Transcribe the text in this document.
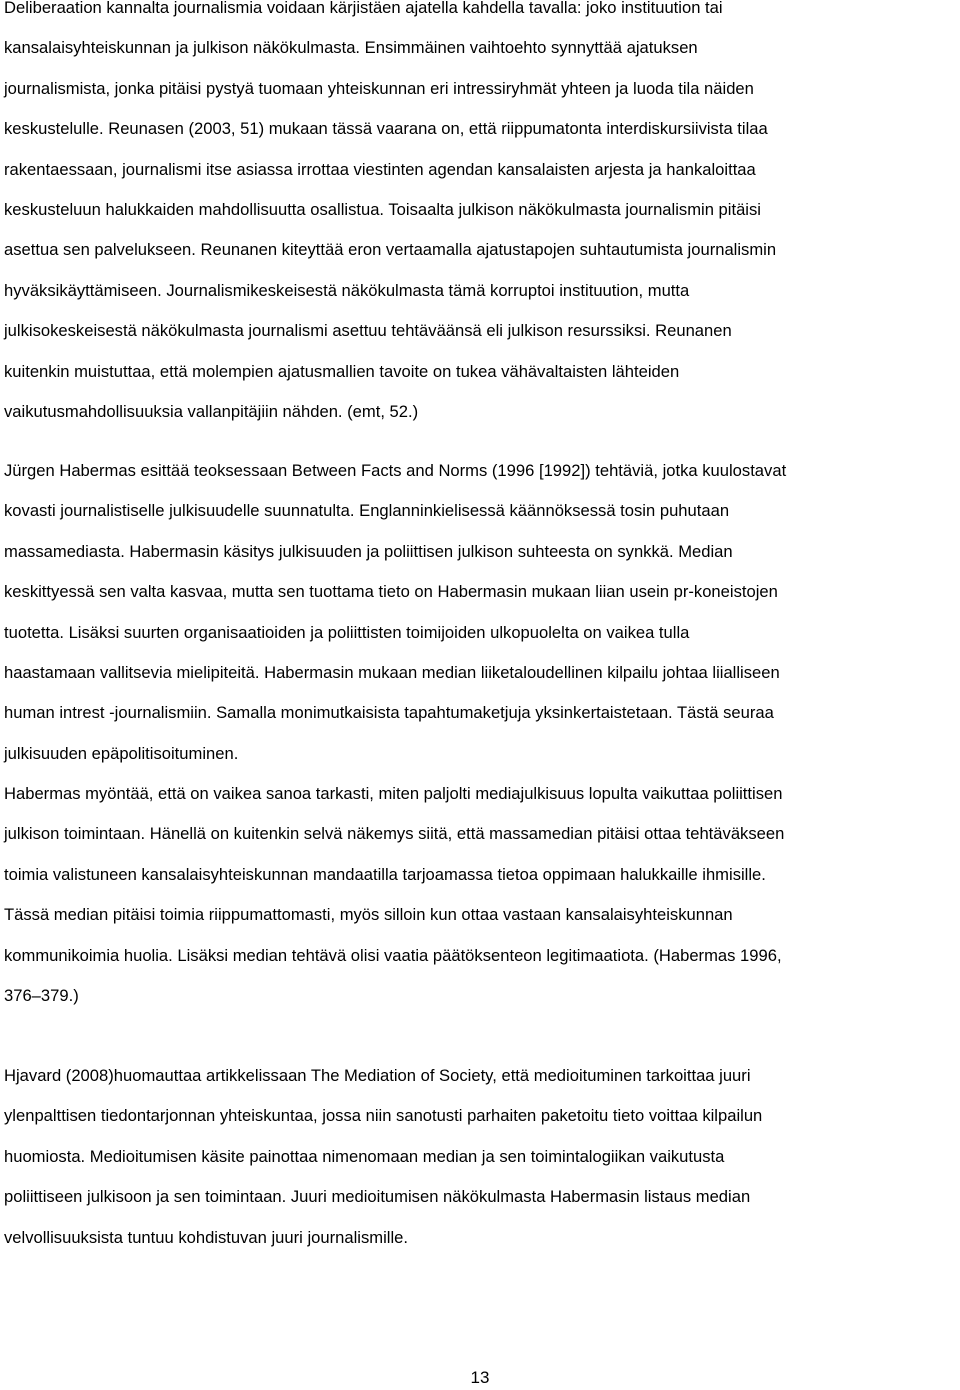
Deliberaation kannalta journalismia voidaan kärjistäen ajatella kahdella tavalla: joko instituution tai
kansalaisyhteiskunnan ja julkison näkökulmasta. Ensimmäinen vaihtoehto synnyttää ajatuksen
journalismista, jonka pitäisi pystyä tuomaan yhteiskunnan eri intressiryhmät yhteen ja luoda tila näiden
keskustelulle. Reunasen (2003, 51) mukaan tässä vaarana on, että riippumatonta interdiskursiivista tilaa
rakentaessaan, journalismi itse asiassa irrottaa viestinten agendan kansalaisten arjesta ja hankaloittaa
keskusteluun halukkaiden mahdollisuutta osallistua. Toisaalta julkison näkökulmasta journalismin pitäisi
asettua sen palvelukseen. Reunanen kiteyttää eron vertaamalla ajatustapojen suhtautumista journalismin
hyväksikäyttämiseen. Journalismikeskeisestä näkökulmasta tämä korruptoi instituution, mutta
julkisokeskeisestä näkökulmasta journalismi asettuu tehtäväänsä eli julkison resurssiksi. Reunanen
kuitenkin muistuttaa, että molempien ajatusmallien tavoite on tukea vähävaltaisten lähteiden
vaikutusmahdollisuuksia vallanpitäjiin nähden. (emt, 52.)
Jürgen Habermas esittää teoksessaan Between Facts and Norms (1996 [1992]) tehtäviä, jotka kuulostavat
kovasti journalistiselle julkisuudelle suunnatulta. Englanninkielisessä käännöksessä tosin puhutaan
massamediasta. Habermasin käsitys julkisuuden ja poliittisen julkison suhteesta on synkkä. Median
keskittyessä sen valta kasvaa, mutta sen tuottama tieto on Habermasin mukaan liian usein pr-koneistojen
tuotetta. Lisäksi suurten organisaatioiden ja poliittisten toimijoiden ulkopuolelta on vaikea tulla
haastamaan vallitsevia mielipiteitä. Habermasin mukaan median liiketaloudellinen kilpailu johtaa liialliseen
human intrest -journalismiin. Samalla monimutkaisista tapahtumaketjuja yksinkertaistetaan. Tästä seuraa
julkisuuden epäpolitisoituminen.
Habermas myöntää, että on vaikea sanoa tarkasti, miten paljolti mediajulkisuus lopulta vaikuttaa poliittisen
julkison toimintaan. Hänellä on kuitenkin selvä näkemys siitä, että massamedian pitäisi ottaa tehtäväkseen
toimia valistuneen kansalaisyhteiskunnan mandaatilla tarjoamassa tietoa oppimaan halukkaille ihmisille.
Tässä median pitäisi toimia riippumattomasti, myös silloin kun ottaa vastaan kansalaisyhteiskunnan
kommunikoimia huolia. Lisäksi median tehtävä olisi vaatia päätöksenteon legitimaatiota. (Habermas 1996,
376–379.)
Hjavard (2008)huomauttaa artikkelissaan The Mediation of Society, että medioituminen tarkoittaa juuri
ylenpalttisen tiedontarjonnan yhteiskuntaa, jossa niin sanotusti parhaiten paketoitu tieto voittaa kilpailun
huomiosta. Medioitumisen käsite painottaa nimenomaan median ja sen toimintalogiikan vaikutusta
poliittiseen julkisoon ja sen toimintaan. Juuri medioitumisen näkökulmasta Habermasin listaus median
velvollisuuksista tuntuu kohdistuvan juuri journalismille.
13
